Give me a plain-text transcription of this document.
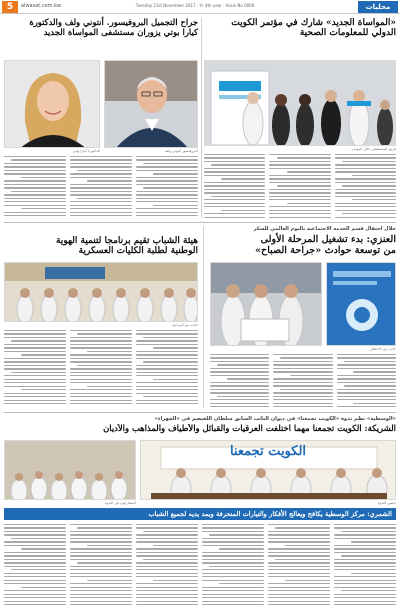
5	alwasat.com.kw	Tuesday 21st November 2017 - Yr 4th year - Issue No 0000	محليات
«المواساة الجديد» شارك في مؤتمر الكويت
الدولي للمعلومات الصحية
فريق المستشفى خلال المؤتمر
جراح التجميل البروفيسور. أنتوني ولف والدكتورة
كيارا بوتي يزوران مستشفى المواساة الجديد
البروفيسور أنتوني ولف
الدكتورة كيارا بوتي
خلال احتفال قسم الخدمة الاجتماعية باليوم العالمي للسكر
العنزي: بدء تشغيل المرحلة الأولى
من توسعة حوادث «جراحة الصباح»
جانب من الاحتفال
هيئة الشباب تقيم برنامجا لتنمية الهوية
الوطنية لطلبة الكليات العسكرية
جانب من البرنامج
«الوسطية» نظم ندوة «الكويت تجمعنا» في ديوان النائب السابق سلطان اللغيصم في «الجهراء»
الشريكة: الكويت تجمعنا مهما اختلفت العرقيات والقبائل والأطياف والمذاهب والأديان
الكويت تجمعنا
حضور الندوة
المشاركون في الندوة
الشمري: مركز الوسطية يكافح ويعالج الأفكار والتيارات المنحرفة ويمد يديه لجميع الشباب
